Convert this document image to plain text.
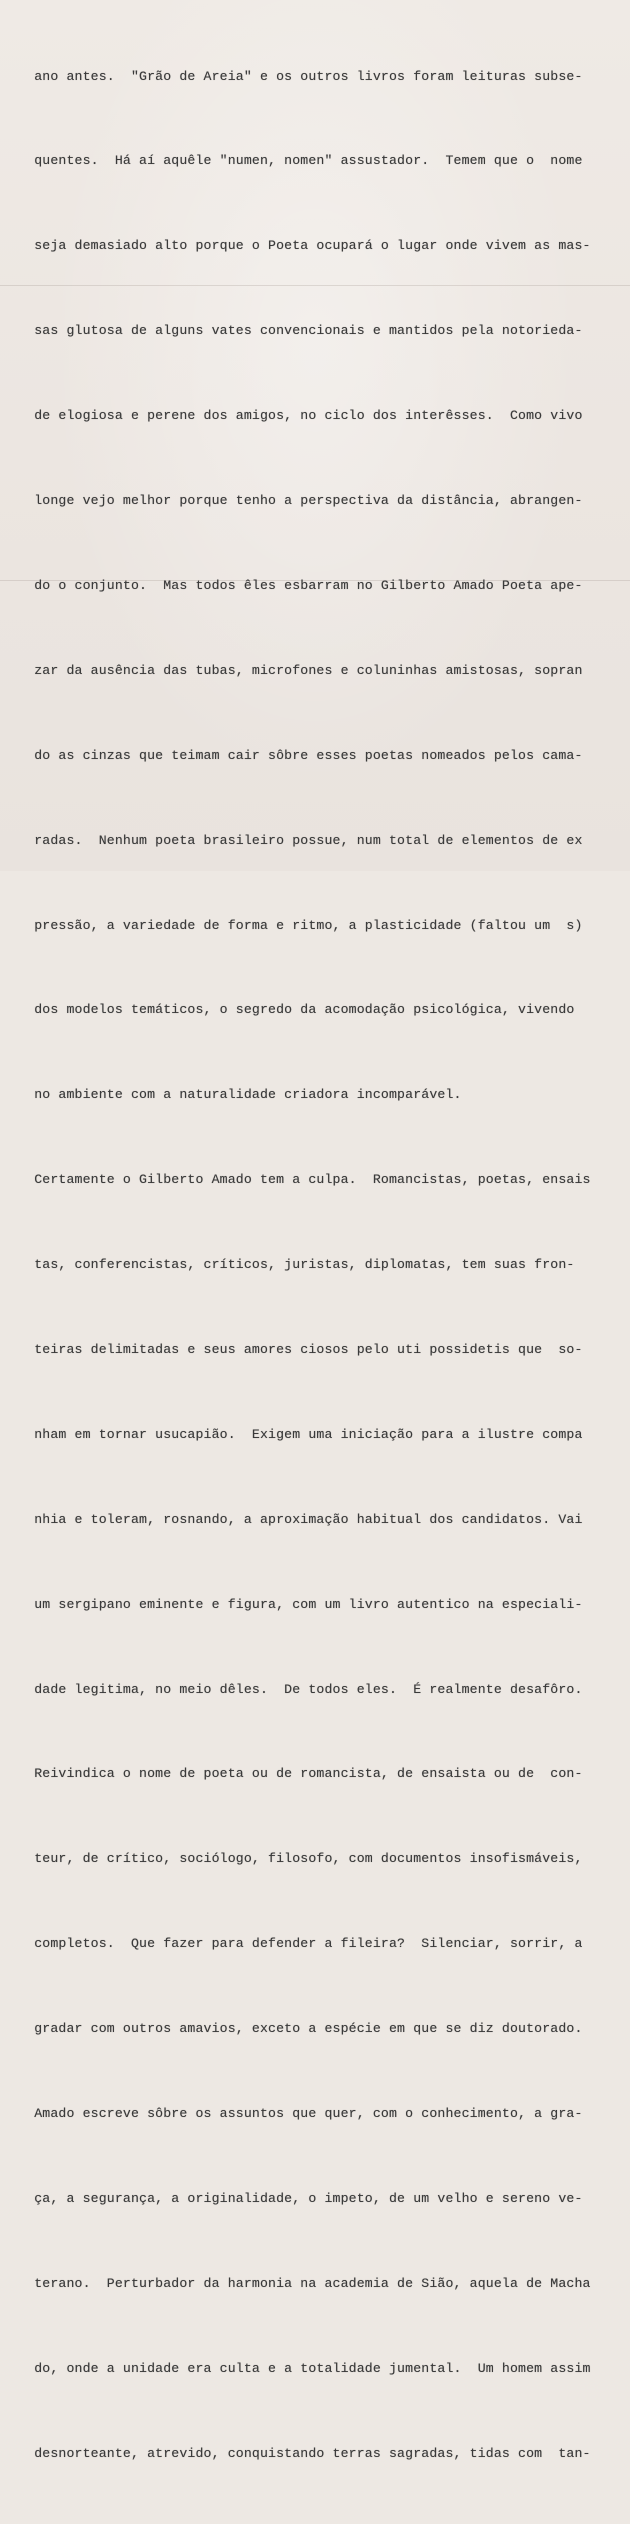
ano antes.  "Grão de Areia" e os outros livros foram leituras subse-

quentes.  Há aí aquêle "numen, nomen" assustador.  Temem que o  nome

seja demasiado alto porque o Poeta ocupará o lugar onde vivem as mas-

sas glutosa de alguns vates convencionais e mantidos pela notorieda-

de elogiosa e perene dos amigos, no ciclo dos interêsses.  Como vivo

longe vejo melhor porque tenho a perspectiva da distância, abrangen-

do o conjunto.  Mas todos êles esbarram no Gilberto Amado Poeta ape-

zar da ausência das tubas, microfones e coluninhas amistosas, sopran

do as cinzas que teimam cair sôbre esses poetas nomeados pelos cama-

radas.  Nenhum poeta brasileiro possue, num total de elementos de ex

pressão, a variedade de forma e ritmo, a plasticidade (faltou um  s)

dos modelos temáticos, o segredo da acomodação psicológica, vivendo

no ambiente com a naturalidade criadora incomparável.

Certamente o Gilberto Amado tem a culpa.  Romancistas, poetas, ensais

tas, conferencistas, críticos, juristas, diplomatas, tem suas fron-

teiras delimitadas e seus amores ciosos pelo uti possidetis que  so-

nham em tornar usucapião.  Exigem uma iniciação para a ilustre compa

nhia e toleram, rosnando, a aproximação habitual dos candidatos. Vai

um sergipano eminente e figura, com um livro autentico na especiali-

dade legitima, no meio dêles.  De todos eles.  É realmente desafôro.

Reivindica o nome de poeta ou de romancista, de ensaista ou de  con-

teur, de crítico, sociólogo, filosofo, com documentos insofismáveis,

completos.  Que fazer para defender a fileira?  Silenciar, sorrir, a

gradar com outros amavios, exceto a espécie em que se diz doutorado.

Amado escreve sôbre os assuntos que quer, com o conhecimento, a gra-

ça, a segurança, a originalidade, o impeto, de um velho e sereno ve-

terano.  Perturbador da harmonia na academia de Sião, aquela de Macha

do, onde a unidade era culta e a totalidade jumental.  Um homem assim

desnorteante, atrevido, conquistando terras sagradas, tidas com  tan-
